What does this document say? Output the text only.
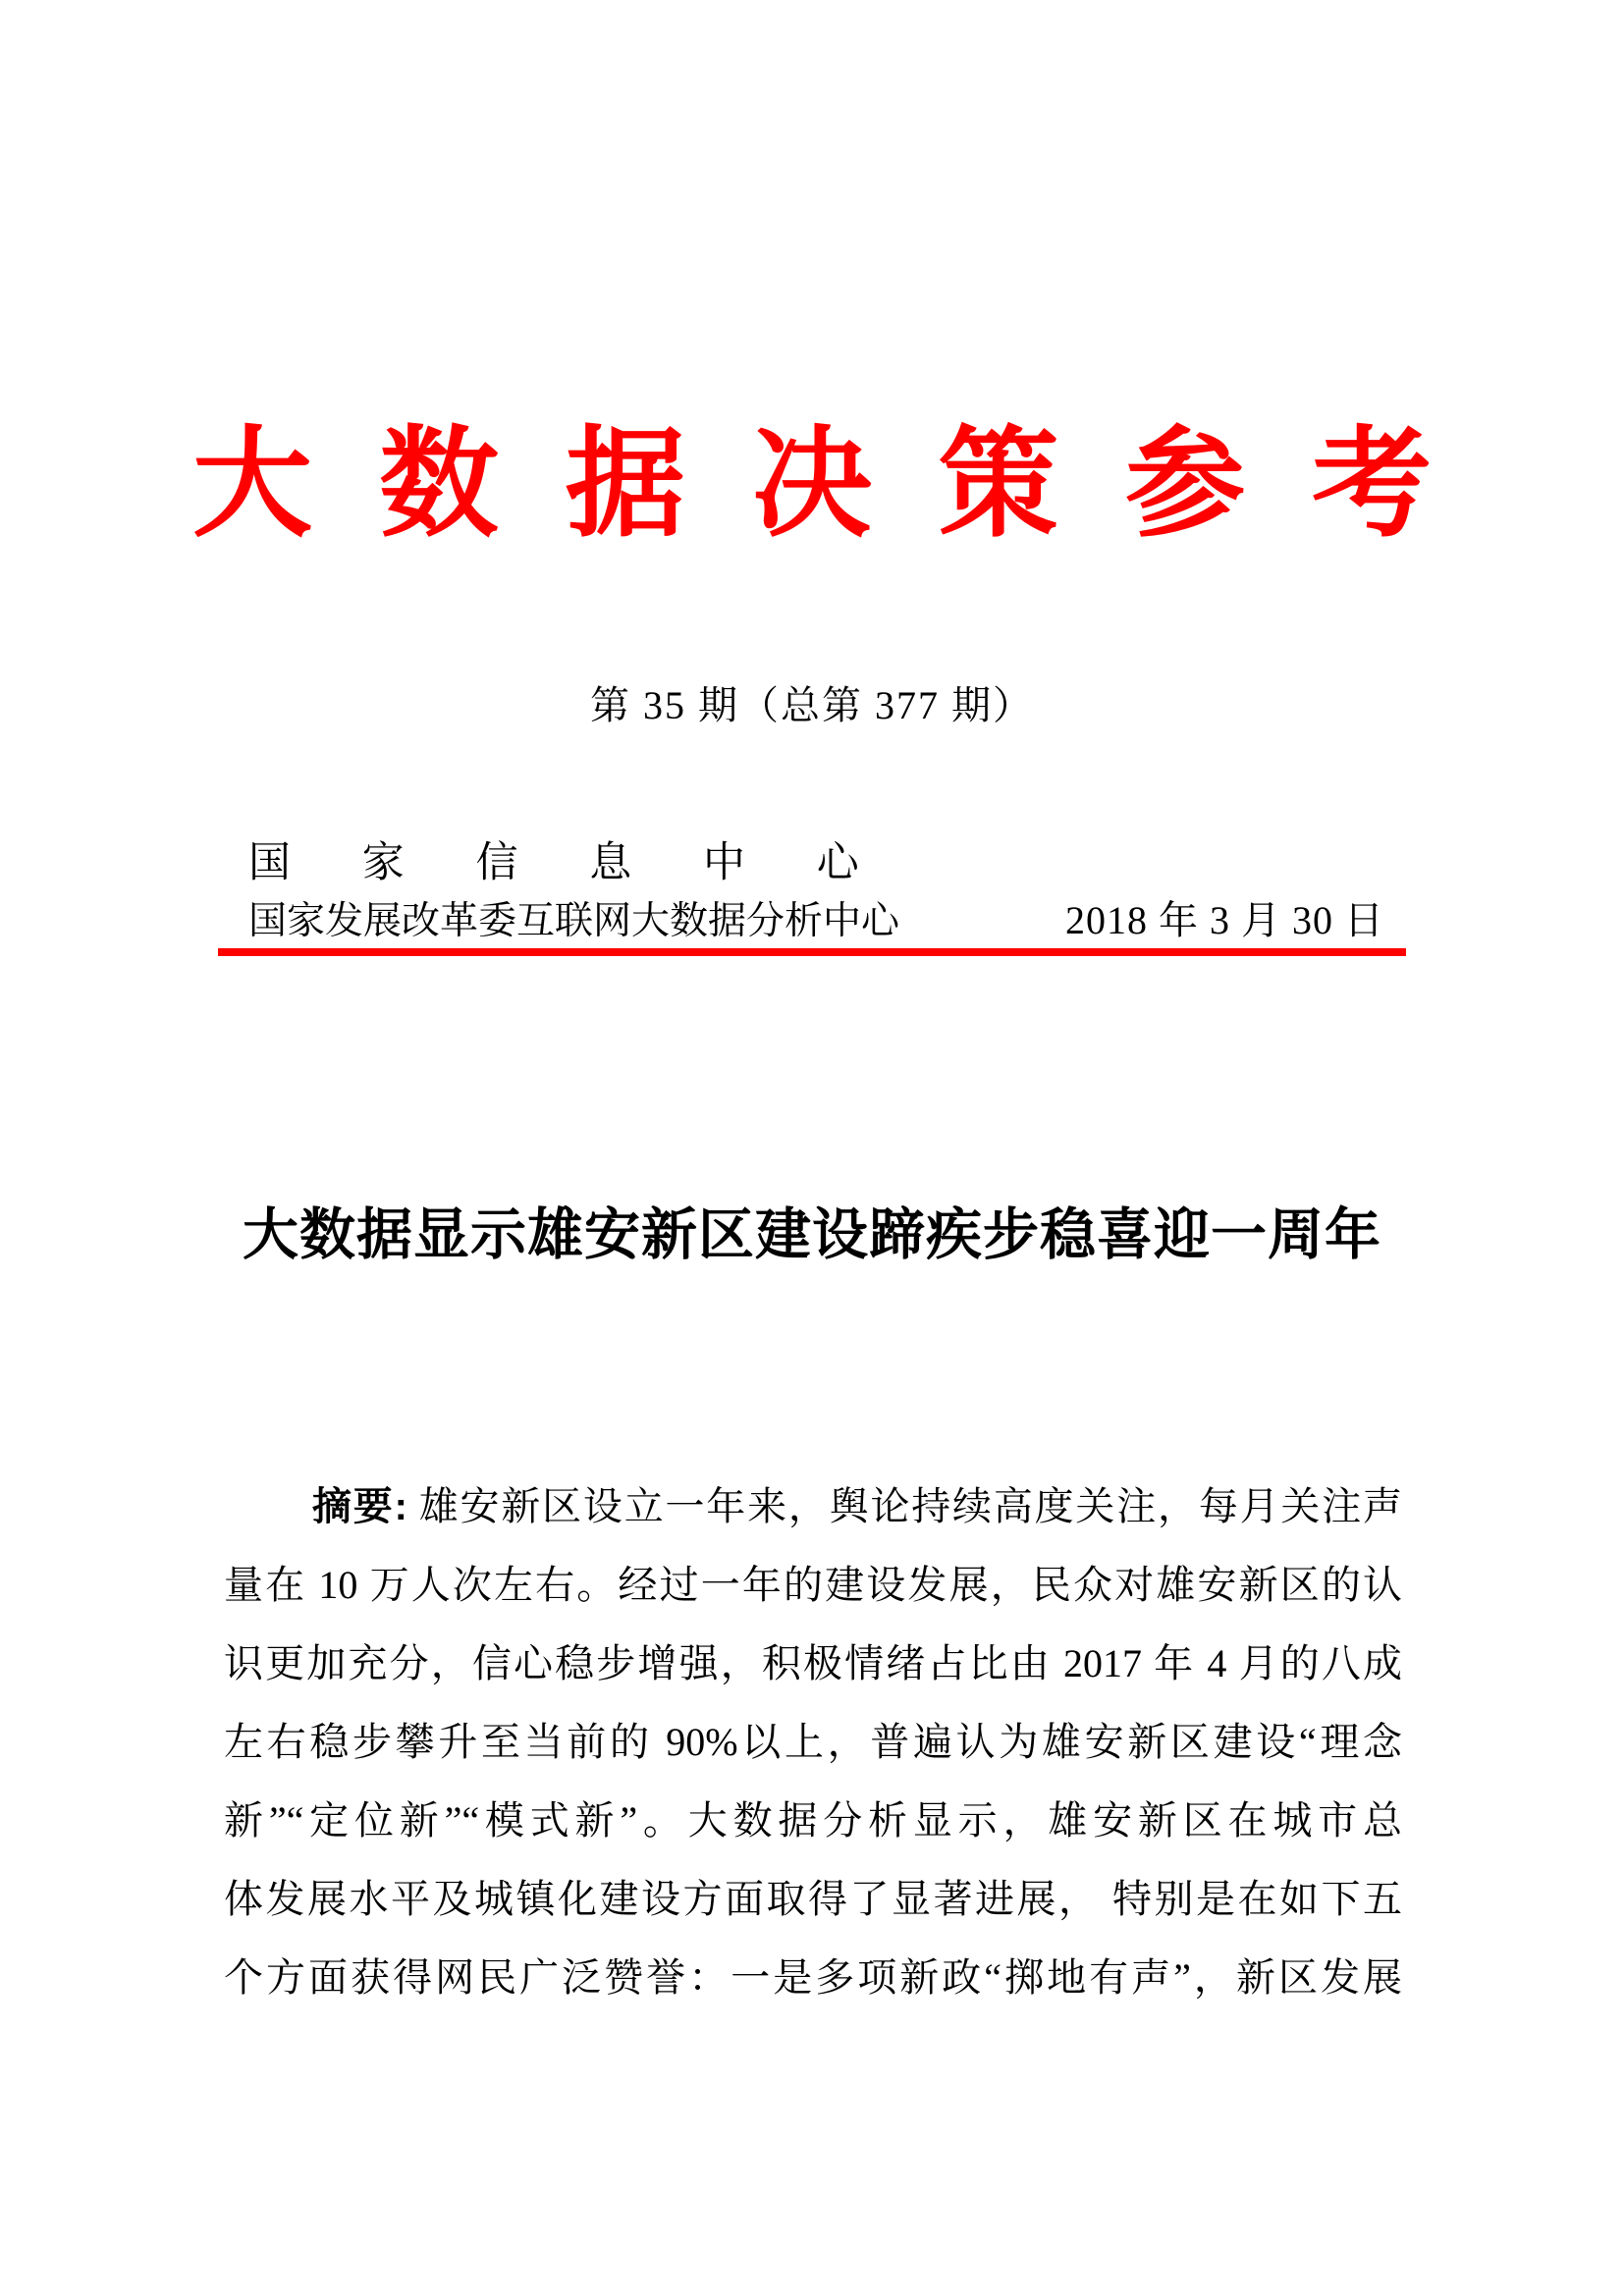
大数据决策参考
第 35 期（总第 377 期）
国 家 信 息 中 心
国家发展改革委互联网大数据分析中心	2018 年 3 月 30 日
大数据显示雄安新区建设蹄疾步稳喜迎一周年
摘要: 雄安新区设立一年来，舆论持续高度关注，每月关注声
量在 10 万人次左右。经过一年的建设发展，民众对雄安新区的认
识更加充分，信心稳步增强，积极情绪占比由 2017 年 4 月的八成
左右稳步攀升至当前的 90%以上，普遍认为雄安新区建设“理念
新”“定位新”“模式新”。大数据分析显示，雄安新区在城市总
体发展水平及城镇化建设方面取得了显著进展， 特别是在如下五
个方面获得网民广泛赞誉：一是多项新政“掷地有声”，新区发展
